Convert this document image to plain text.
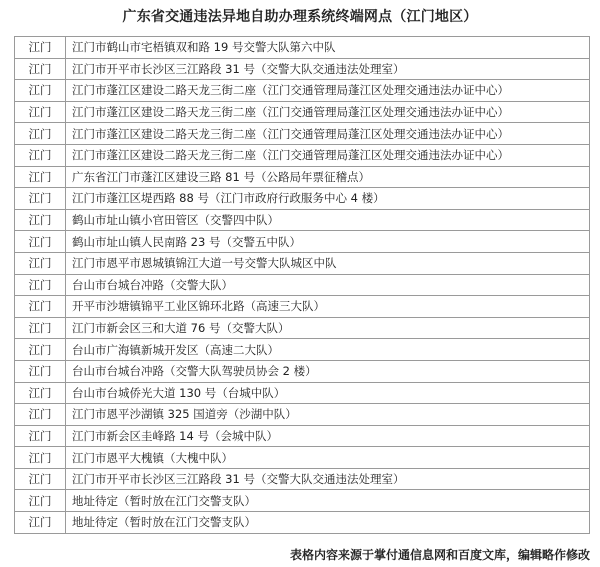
广东省交通违法异地自助办理系统终端网点（江门地区）
江门	江门市鹤山市宅梧镇双和路 19 号交警大队第六中队
江门	江门市开平市长沙区三江路段 31 号（交警大队交通违法处理室）
江门	江门市蓬江区建设二路天龙三街二座（江门交通管理局蓬江区处理交通违法办证中心）
江门	江门市蓬江区建设二路天龙三街二座（江门交通管理局蓬江区处理交通违法办证中心）
江门	江门市蓬江区建设二路天龙三街二座（江门交通管理局蓬江区处理交通违法办证中心）
江门	江门市蓬江区建设二路天龙三街二座（江门交通管理局蓬江区处理交通违法办证中心）
江门	广东省江门市蓬江区建设三路 81 号（公路局年票征稽点）
江门	江门市蓬江区堤西路 88 号（江门市政府行政服务中心 4 楼）
江门	鹤山市址山镇小官田管区（交警四中队）
江门	鹤山市址山镇人民南路 23 号（交警五中队）
江门	江门市恩平市恩城镇锦江大道一号交警大队城区中队
江门	台山市台城台冲路（交警大队）
江门	开平市沙塘镇锦平工业区锦环北路（高速三大队）
江门	江门市新会区三和大道 76 号（交警大队）
江门	台山市广海镇新城开发区（高速二大队）
江门	台山市台城台冲路（交警大队驾驶员协会 2 楼）
江门	台山市台城侨光大道 130 号（台城中队）
江门	江门市恩平沙湖镇 325 国道旁（沙湖中队）
江门	江门市新会区圭峰路 14 号（会城中队）
江门	江门市恩平大槐镇（大槐中队）
江门	江门市开平市长沙区三江路段 31 号（交警大队交通违法处理室）
江门	地址待定（暂时放在江门交警支队）
江门	地址待定（暂时放在江门交警支队）
表格内容来源于掌付通信息网和百度文库，编辑略作修改
